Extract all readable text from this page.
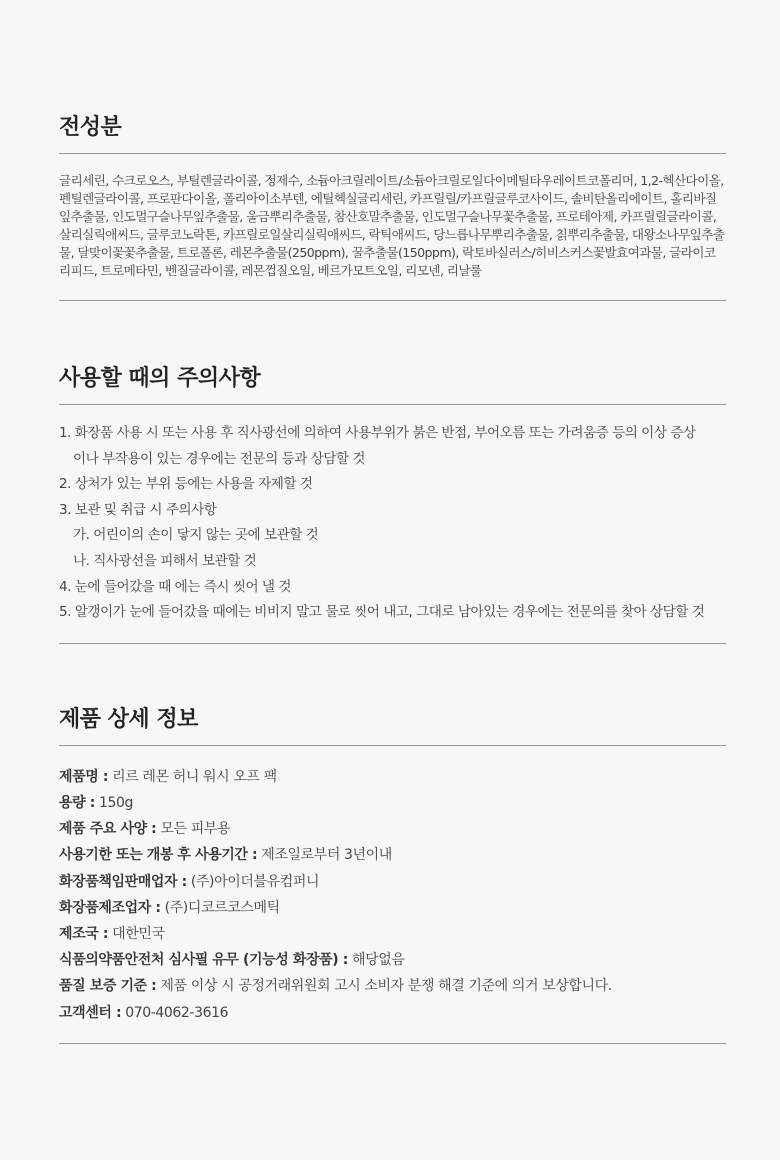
전성분

글리세린, 수크로오스, 부틸렌글라이콜, 정제수, 소듐아크릴레이트/소듐아크릴로일다이메틸타우레이트코폴리머, 1,2-헥산다이올, 펜틸렌글라이콜, 프로판다이올, 폴리아이소부텐, 에틸헥실글리세린, 카프릴릴/카프릴글루코사이드, 솔비탄올리에이트, 홀리바질잎추출물, 인도멀구슬나무잎추출물, 울금뿌리추출물, 참산호말추출물, 인도멀구슬나무꽃추출물, 프로테아제, 카프릴릴글라이콜, 살리실릭애씨드, 글루코노락톤, 카프릴로일살리실릭애씨드, 락틱애씨드, 당느릅나무뿌리추출물, 칡뿌리추출물, 대왕소나무잎추출물, 달맞이꽃꽃추출물, 트로폴론, 레몬추출물(250ppm), 꿀추출물(150ppm), 락토바실러스/히비스커스꽃발효여과물, 글라이코리피드, 트로메타민, 벤질글라이콜, 레몬껍질오일, 베르가모트오일, 리모넨, 리날룰

사용할 때의 주의사항
1. 화장품 사용 시 또는 사용 후 직사광선에 의하여 사용부위가 붉은 반점, 부어오름 또는 가려움증 등의 이상 증상
이나 부작용이 있는 경우에는 전문의 등과 상담할 것
2. 상처가 있는 부위 등에는 사용을 자제할 것
3. 보관 및 취급 시 주의사항
가. 어린이의 손이 닿지 않는 곳에 보관할 것
나. 직사광선을 피해서 보관할 것
4. 눈에 들어갔을 때 에는 즉시 씻어 낼 것
5. 알갱이가 눈에 들어갔을 때에는 비비지 말고 물로 씻어 내고, 그대로 남아있는 경우에는 전문의를 찾아 상담할 것
제품 상세 정보
제품명 : 리르 레몬 허니 워시 오프 팩
용량 : 150g
제품 주요 사양 : 모든 피부용
사용기한 또는 개봉 후 사용기간 : 제조일로부터 3년이내
화장품책임판매업자 : (주)아이더블유컴퍼니
화장품제조업자 : (주)디코르코스메틱
제조국 : 대한민국
식품의약품안전처 심사필 유무 (기능성 화장품) : 해당없음
품질 보증 기준 : 제품 이상 시 공정거래위원회 고시 소비자 분쟁 해결 기준에 의거 보상합니다.
고객센터 : 070-4062-3616
